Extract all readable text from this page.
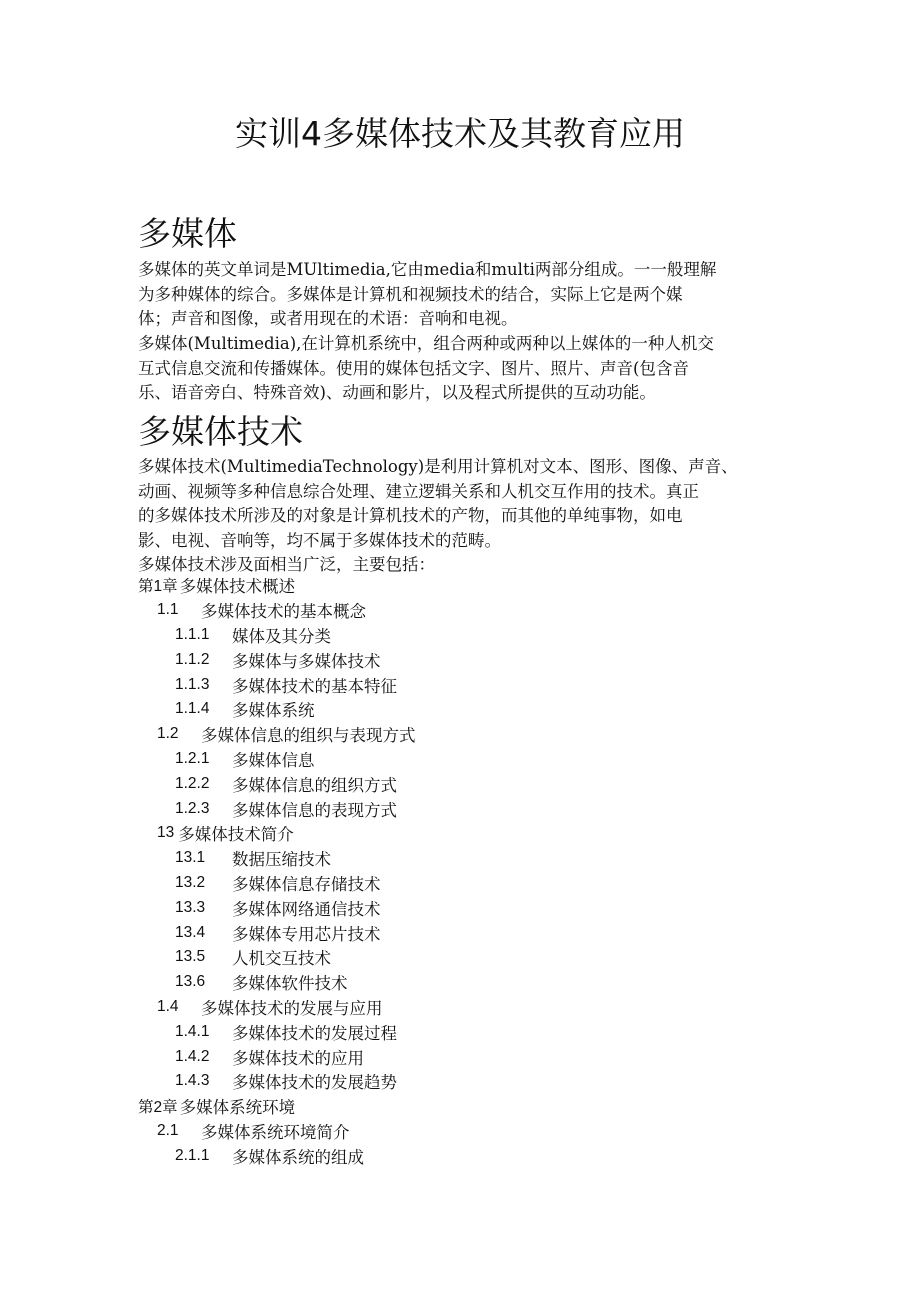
实训4多媒体技术及其教育应用
多媒体

多媒体的英文单词是MUltimedia,它由media和multi两部分组成。一一般理解
为多种媒体的综合。多媒体是计算机和视频技术的结合，实际上它是两个媒
体；声音和图像，或者用现在的术语：音响和电视。

多媒体(Multimedia),在计算机系统中，组合两种或两种以上媒体的一种人机交
互式信息交流和传播媒体。使用的媒体包括文字、图片、照片、声音(包含音
乐、语音旁白、特殊音效)、动画和影片，以及程式所提供的互动功能。

多媒体技术

多媒体技术(MultimediaTechnology)是利用计算机对文本、图形、图像、声音、
动画、视频等多种信息综合处理、建立逻辑关系和人机交互作用的技术。真正
的多媒体技术所涉及的对象是计算机技术的产物，而其他的单纯事物，如电
影、电视、音响等，均不属于多媒体技术的范畴。
多媒体技术涉及面相当广泛，主要包括：

第1章 多媒体技术概述
1.1	多媒体技术的基本概念
1.1.1	媒体及其分类
1.1.2	多媒体与多媒体技术
1.1.3	多媒体技术的基本特征
1.1.4	多媒体系统
1.2	多媒体信息的组织与表现方式
1.2.1	多媒体信息
1.2.2	多媒体信息的组织方式
1.2.3	多媒体信息的表现方式
13 多媒体技术简介
13.1	数据压缩技术
13.2	多媒体信息存储技术
13.3	多媒体网络通信技术
13.4	多媒体专用芯片技术
13.5	人机交互技术
13.6	多媒体软件技术
1.4	多媒体技术的发展与应用
1.4.1	多媒体技术的发展过程
1.4.2	多媒体技术的应用
1.4.3	多媒体技术的发展趋势
第2章 多媒体系统环境
2.1	多媒体系统环境简介
2.1.1	多媒体系统的组成
